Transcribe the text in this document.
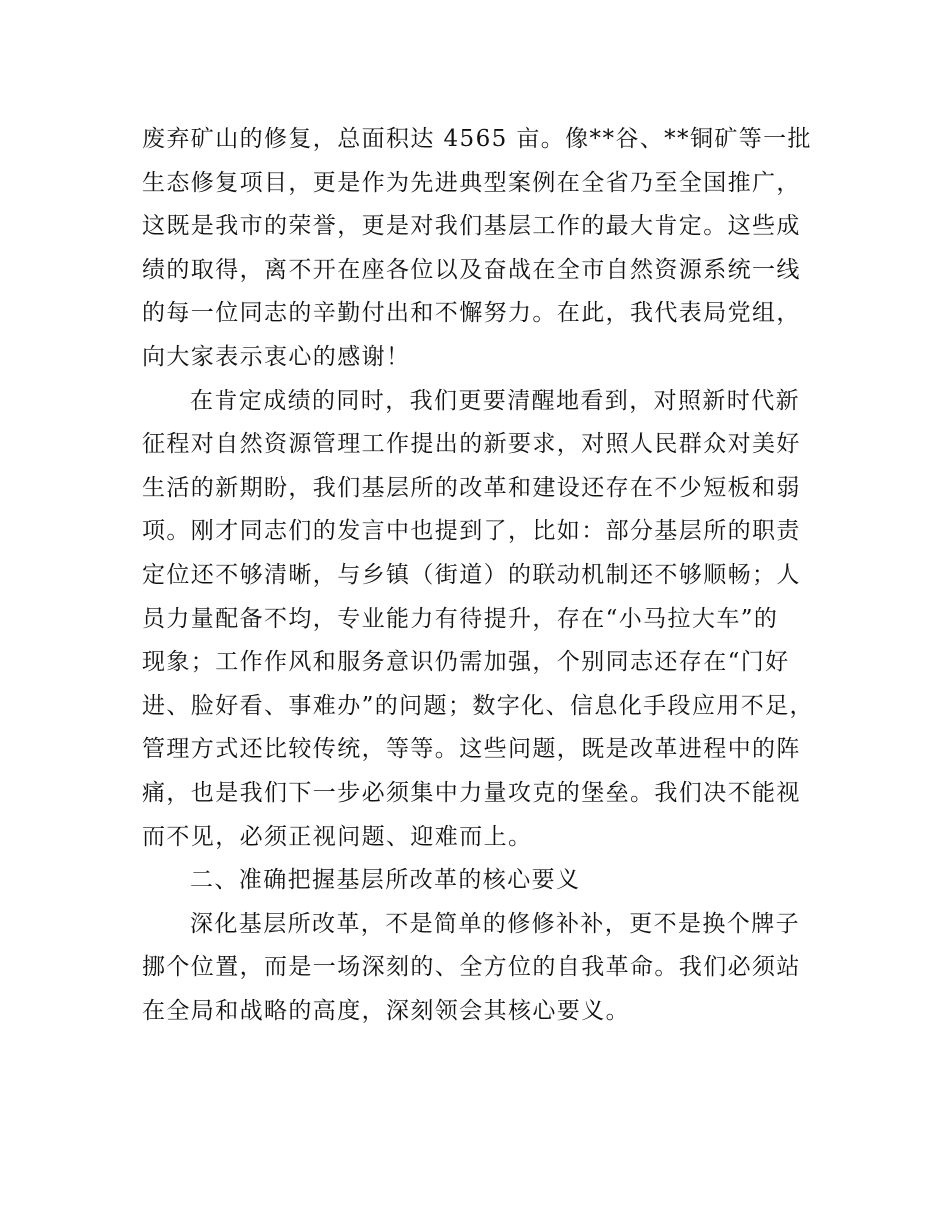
废弃矿山的修复，总面积达 4565 亩。像**谷、**铜矿等一批
生态修复项目，更是作为先进典型案例在全省乃至全国推广，
这既是我市的荣誉，更是对我们基层工作的最大肯定。这些成
绩的取得，离不开在座各位以及奋战在全市自然资源系统一线
的每一位同志的辛勤付出和不懈努力。在此，我代表局党组，
向大家表示衷心的感谢！
在肯定成绩的同时，我们更要清醒地看到，对照新时代新
征程对自然资源管理工作提出的新要求，对照人民群众对美好
生活的新期盼，我们基层所的改革和建设还存在不少短板和弱
项。刚才同志们的发言中也提到了，比如：部分基层所的职责
定位还不够清晰，与乡镇（街道）的联动机制还不够顺畅；人
员力量配备不均，专业能力有待提升，存在“小马拉大车”的
现象；工作作风和服务意识仍需加强，个别同志还存在“门好
进、脸好看、事难办”的问题；数字化、信息化手段应用不足，
管理方式还比较传统，等等。这些问题，既是改革进程中的阵
痛，也是我们下一步必须集中力量攻克的堡垒。我们决不能视
而不见，必须正视问题、迎难而上。
二、准确把握基层所改革的核心要义
深化基层所改革，不是简单的修修补补，更不是换个牌子
挪个位置，而是一场深刻的、全方位的自我革命。我们必须站
在全局和战略的高度，深刻领会其核心要义。
